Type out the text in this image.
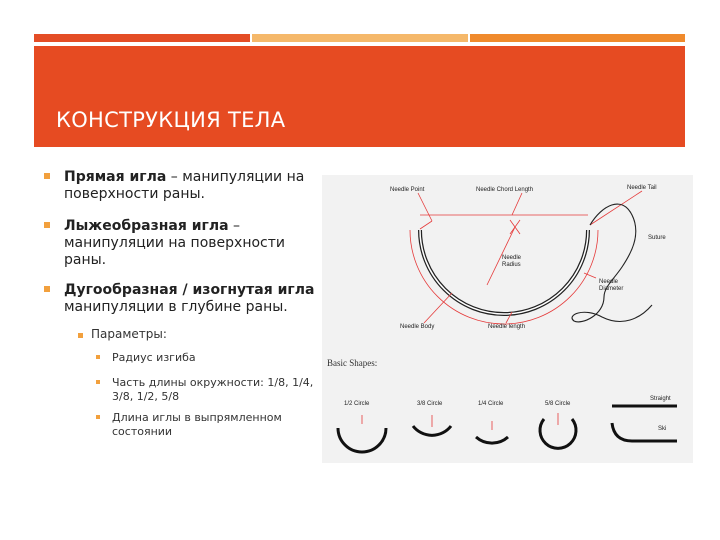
КОНСТРУКЦИЯ ТЕЛА
Прямая игла – манипуляции на поверхности раны.
Лыжеобразная игла – манипуляции на поверхности раны.
Дугообразная / изогнутая игла манипуляции в глубине раны.
Параметры:
Радиус изгиба
Часть длины окружности: 1/8, 1/4, 3/8, 1/2, 5/8
Длина иглы в выпрямленном состоянии
Needle Point	Needle Chord Length	Needle Tail
Needle Radius
Suture
Needle Diameter
Needle Body	Needle length
Basic Shapes:
1/2 Circle	3/8 Circle	1/4 Circle	5/8 Circle
Straight
Ski
